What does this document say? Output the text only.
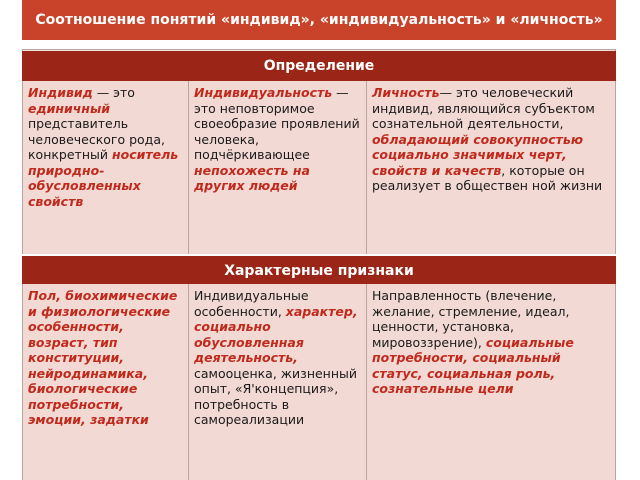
Соотношение понятий «индивид», «индивидуальность» и «личность»
Определение
Индивид — это единичный представитель человеческого рода, конкретный носитель природно-обусловленных свойств
Индивидуальность — это неповторимое своеобразие проявлений человека, подчёркивающее непохожесть на других людей
Личность— это человеческий индивид, являющийся субъектом сознательной деятельности, обладающий совокупностью социально значимых черт, свойств и качеств, которые он реализует в обществен ной жизни
Характерные признаки
Пол, биохимические и физиологические особенности, возраст, тип конституции, нейродинамика, биологические потребности, эмоции, задатки
Индивидуальные особенности, характер, социально обусловленная деятельность, самооценка, жизненный опыт, «Я'концепция», потребность в самореализации
Направленность (влечение, желание, стремление, идеал, ценности, установка, мировоззрение), социальные потребности, социальный статус, социальная роль, сознательные цели
